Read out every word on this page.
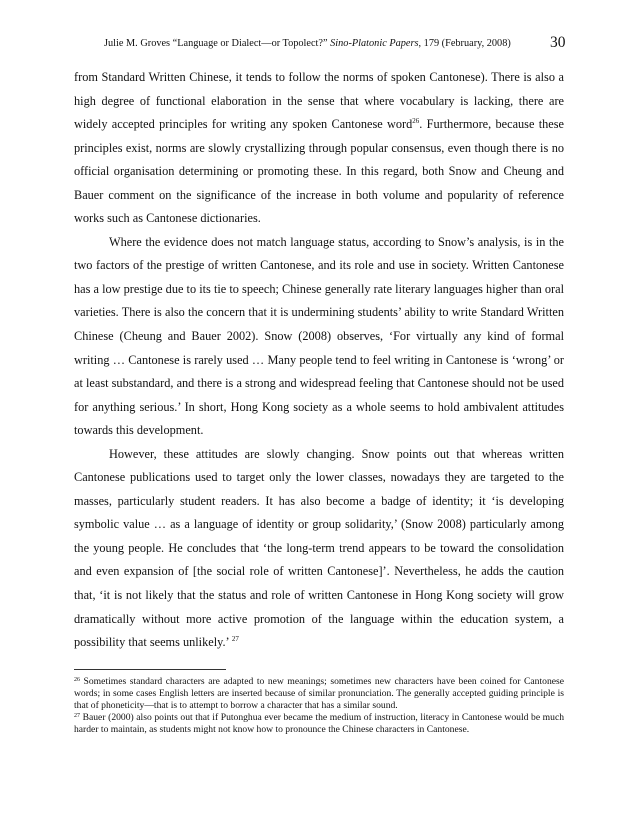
Julie M. Groves “Language or Dialect—or Topolect?” Sino-Platonic Papers, 179 (February, 2008)	30

from Standard Written Chinese, it tends to follow the norms of spoken Cantonese). There is also a high degree of functional elaboration in the sense that where vocabulary is lacking, there are widely accepted principles for writing any spoken Cantonese word$^{26}$. Furthermore, because these principles exist, norms are slowly crystallizing through popular consensus, even though there is no official organisation determining or promoting these. In this regard, both Snow and Cheung and Bauer comment on the significance of the increase in both volume and popularity of reference works such as Cantonese dictionaries.

Where the evidence does not match language status, according to Snow’s analysis, is in the two factors of the prestige of written Cantonese, and its role and use in society. Written Cantonese has a low prestige due to its tie to speech; Chinese generally rate literary languages higher than oral varieties. There is also the concern that it is undermining students’ ability to write Standard Written Chinese (Cheung and Bauer 2002). Snow (2008) observes, ‘For virtually any kind of formal writing … Cantonese is rarely used … Many people tend to feel writing in Cantonese is ‘wrong’ or at least substandard, and there is a strong and widespread feeling that Cantonese should not be used for anything serious.’ In short, Hong Kong society as a whole seems to hold ambivalent attitudes towards this development.

However, these attitudes are slowly changing. Snow points out that whereas written Cantonese publications used to target only the lower classes, nowadays they are targeted to the masses, particularly student readers. It has also become a badge of identity; it ‘is developing symbolic value … as a language of identity or group solidarity,’ (Snow 2008) particularly among the young people. He concludes that ‘the long-term trend appears to be toward the consolidation and even expansion of [the social role of written Cantonese]’. Nevertheless, he adds the caution that, ‘it is not likely that the status and role of written Cantonese in Hong Kong society will grow dramatically without more active promotion of the language within the education system, a possibility that seems unlikely.’ $^{27}$

$^{26}$ Sometimes standard characters are adapted to new meanings; sometimes new characters have been coined for Cantonese words; in some cases English letters are inserted because of similar pronunciation. The generally accepted guiding principle is that of phoneticity—that is to attempt to borrow a character that has a similar sound.

$^{27}$ Bauer (2000) also points out that if Putonghua ever became the medium of instruction, literacy in Cantonese would be much harder to maintain, as students might not know how to pronounce the Chinese characters in Cantonese.
